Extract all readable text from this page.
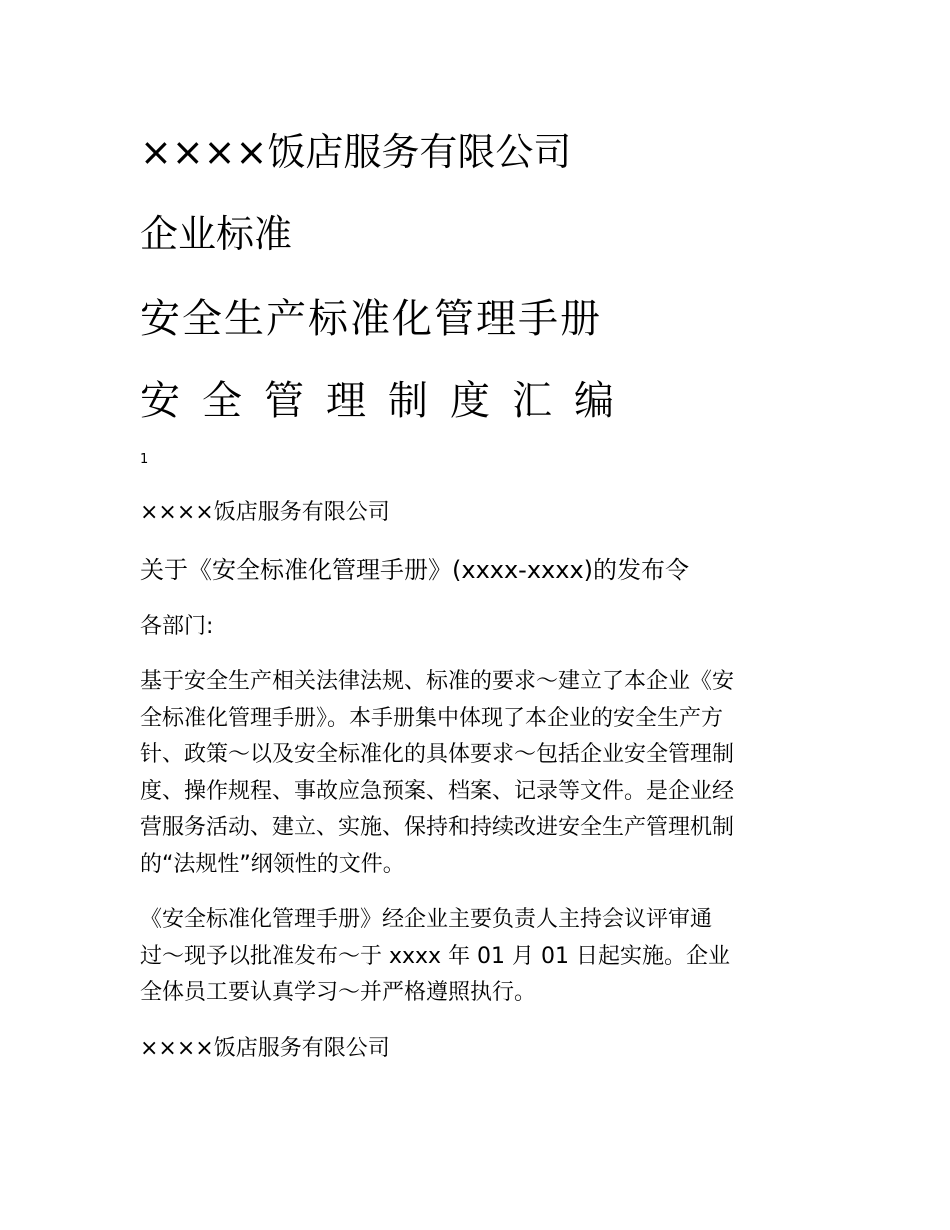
××××饭店服务有限公司
企业标准
安全生产标准化管理手册
安全管理制度汇编
1
××××饭店服务有限公司
关于《安全标准化管理手册》(xxxx-xxxx)的发布令
各部门:
基于安全生产相关法律法规、标准的要求～建立了本企业《安
全标准化管理手册》。本手册集中体现了本企业的安全生产方
针、政策～以及安全标准化的具体要求～包括企业安全管理制
度、操作规程、事故应急预案、档案、记录等文件。是企业经
营服务活动、建立、实施、保持和持续改进安全生产管理机制
的“法规性”纲领性的文件。
《安全标准化管理手册》经企业主要负责人主持会议评审通
过～现予以批准发布～于 xxxx 年 01 月 01 日起实施。企业
全体员工要认真学习～并严格遵照执行。
××××饭店服务有限公司
